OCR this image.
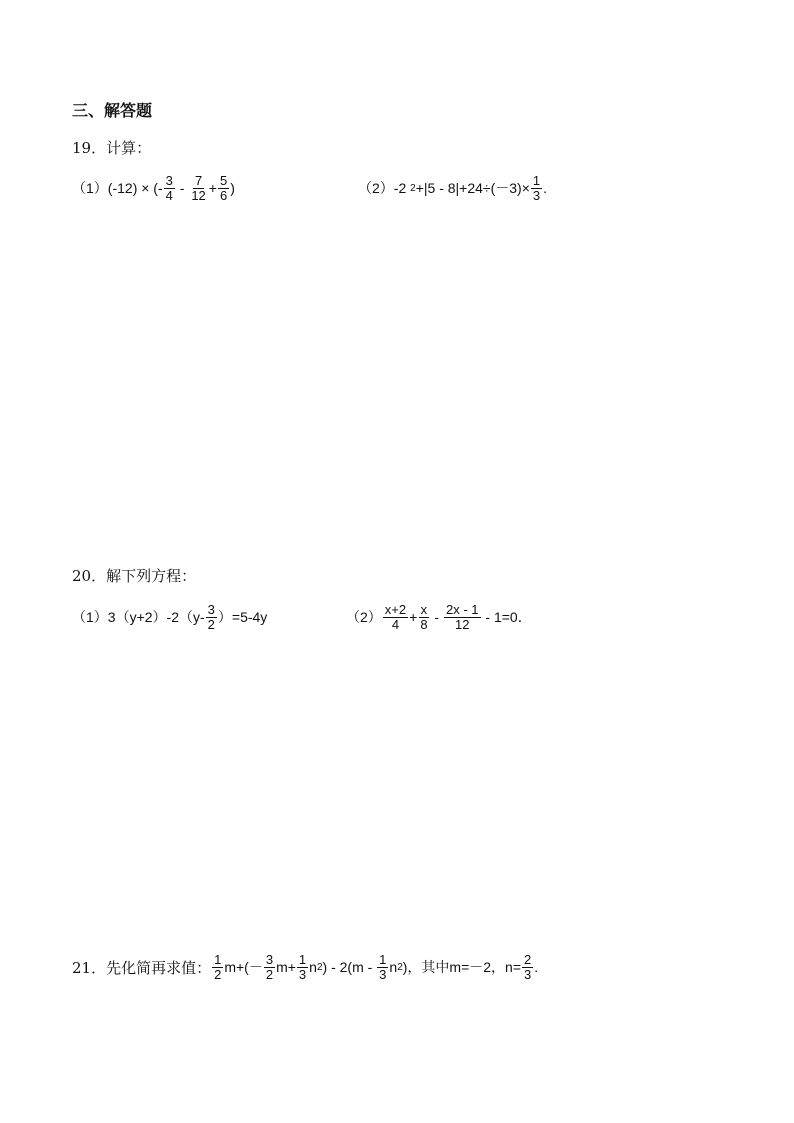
三、解答题
19．计算：
（1） (-12) × (- $\frac{3}{4} - \frac{7}{12} + \frac{5}{6}$ )	（2） -2 $2 +|5 - 8|+24\div(-3)\times \frac{1}{3}$ .
20．解下列方程：
（1） $3(y+2)-2(y- \frac{3}{2} )=5-4y$	$(2) \frac{x+2}{4} + \frac{x}{8} - \frac{2x - 1}{12} - 1=0$．
21． 先化简再求值： $\frac{1}{2} m+(- \frac{3}{2} m+ \frac{1}{3}$ n 2 ) - $2(m - \frac{1}{3}$ n 2 )，其中m=－2，$n= \frac{2}{3}$ .
